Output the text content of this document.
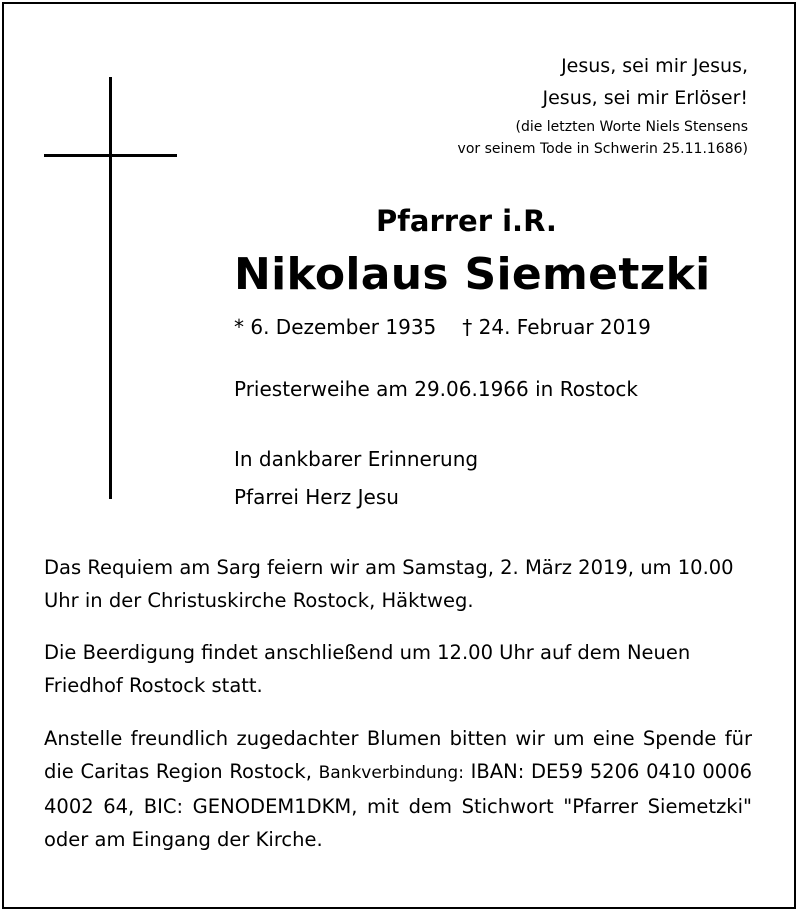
Jesus, sei mir Jesus,
Jesus, sei mir Erlöser!
(die letzten Worte Niels Stensens
vor seinem Tode in Schwerin 25.11.1686)
Pfarrer i.R.
Nikolaus Siemetzki
* 6. Dezember 1935 † 24. Februar 2019
Priesterweihe am 29.06.1966 in Rostock
In dankbarer Erinnerung
Pfarrei Herz Jesu
Das Requiem am Sarg feiern wir am Samstag, 2. März 2019, um 10.00 Uhr in der Christuskirche Rostock, Häktweg.
Die Beerdigung findet anschließend um 12.00 Uhr auf dem Neuen Friedhof Rostock statt.
Anstelle freundlich zugedachter Blumen bitten wir um eine Spende für die Caritas Region Rostock, Bankverbindung: IBAN: DE59 5206 0410 0006 4002 64, BIC: GENODEM1DKM, mit dem Stichwort "Pfarrer Siemetzki" oder am Eingang der Kirche.
